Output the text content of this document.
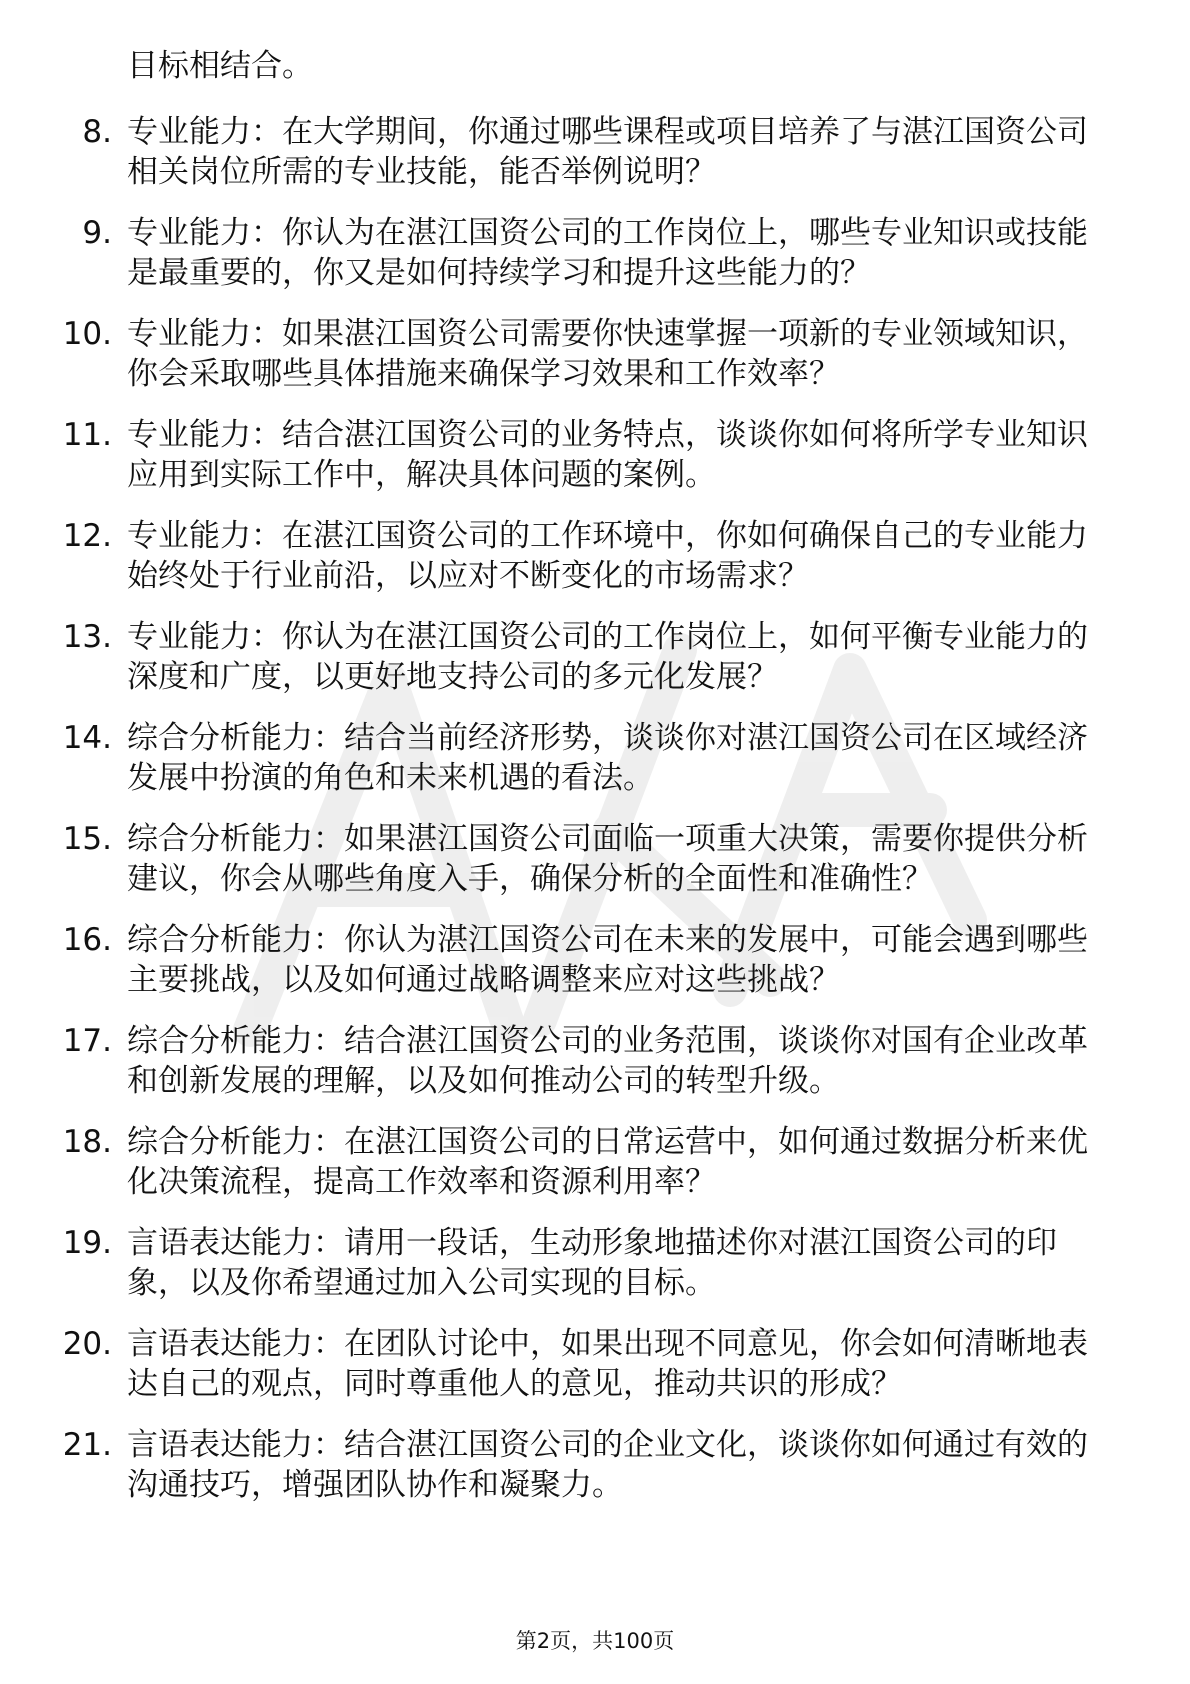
目标相结合。

8. 专业能力：在大学期间，你通过哪些课程或项目培养了与湛江国资公司相关岗位所需的专业技能，能否举例说明？
9. 专业能力：你认为在湛江国资公司的工作岗位上，哪些专业知识或技能是最重要的，你又是如何持续学习和提升这些能力的？
10. 专业能力：如果湛江国资公司需要你快速掌握一项新的专业领域知识，你会采取哪些具体措施来确保学习效果和工作效率？
11. 专业能力：结合湛江国资公司的业务特点，谈谈你如何将所学专业知识应用到实际工作中，解决具体问题的案例。
12. 专业能力：在湛江国资公司的工作环境中，你如何确保自己的专业能力始终处于行业前沿，以应对不断变化的市场需求？
13. 专业能力：你认为在湛江国资公司的工作岗位上，如何平衡专业能力的深度和广度，以更好地支持公司的多元化发展？
14. 综合分析能力：结合当前经济形势，谈谈你对湛江国资公司在区域经济发展中扮演的角色和未来机遇的看法。
15. 综合分析能力：如果湛江国资公司面临一项重大决策，需要你提供分析建议，你会从哪些角度入手，确保分析的全面性和准确性？
16. 综合分析能力：你认为湛江国资公司在未来的发展中，可能会遇到哪些主要挑战，以及如何通过战略调整来应对这些挑战？
17. 综合分析能力：结合湛江国资公司的业务范围，谈谈你对国有企业改革和创新发展的理解，以及如何推动公司的转型升级。
18. 综合分析能力：在湛江国资公司的日常运营中，如何通过数据分析来优化决策流程，提高工作效率和资源利用率？
19. 言语表达能力：请用一段话，生动形象地描述你对湛江国资公司的印象，以及你希望通过加入公司实现的目标。
20. 言语表达能力：在团队讨论中，如果出现不同意见，你会如何清晰地表达自己的观点，同时尊重他人的意见，推动共识的形成？
21. 言语表达能力：结合湛江国资公司的企业文化，谈谈你如何通过有效的沟通技巧，增强团队协作和凝聚力。
第2页，共100页
